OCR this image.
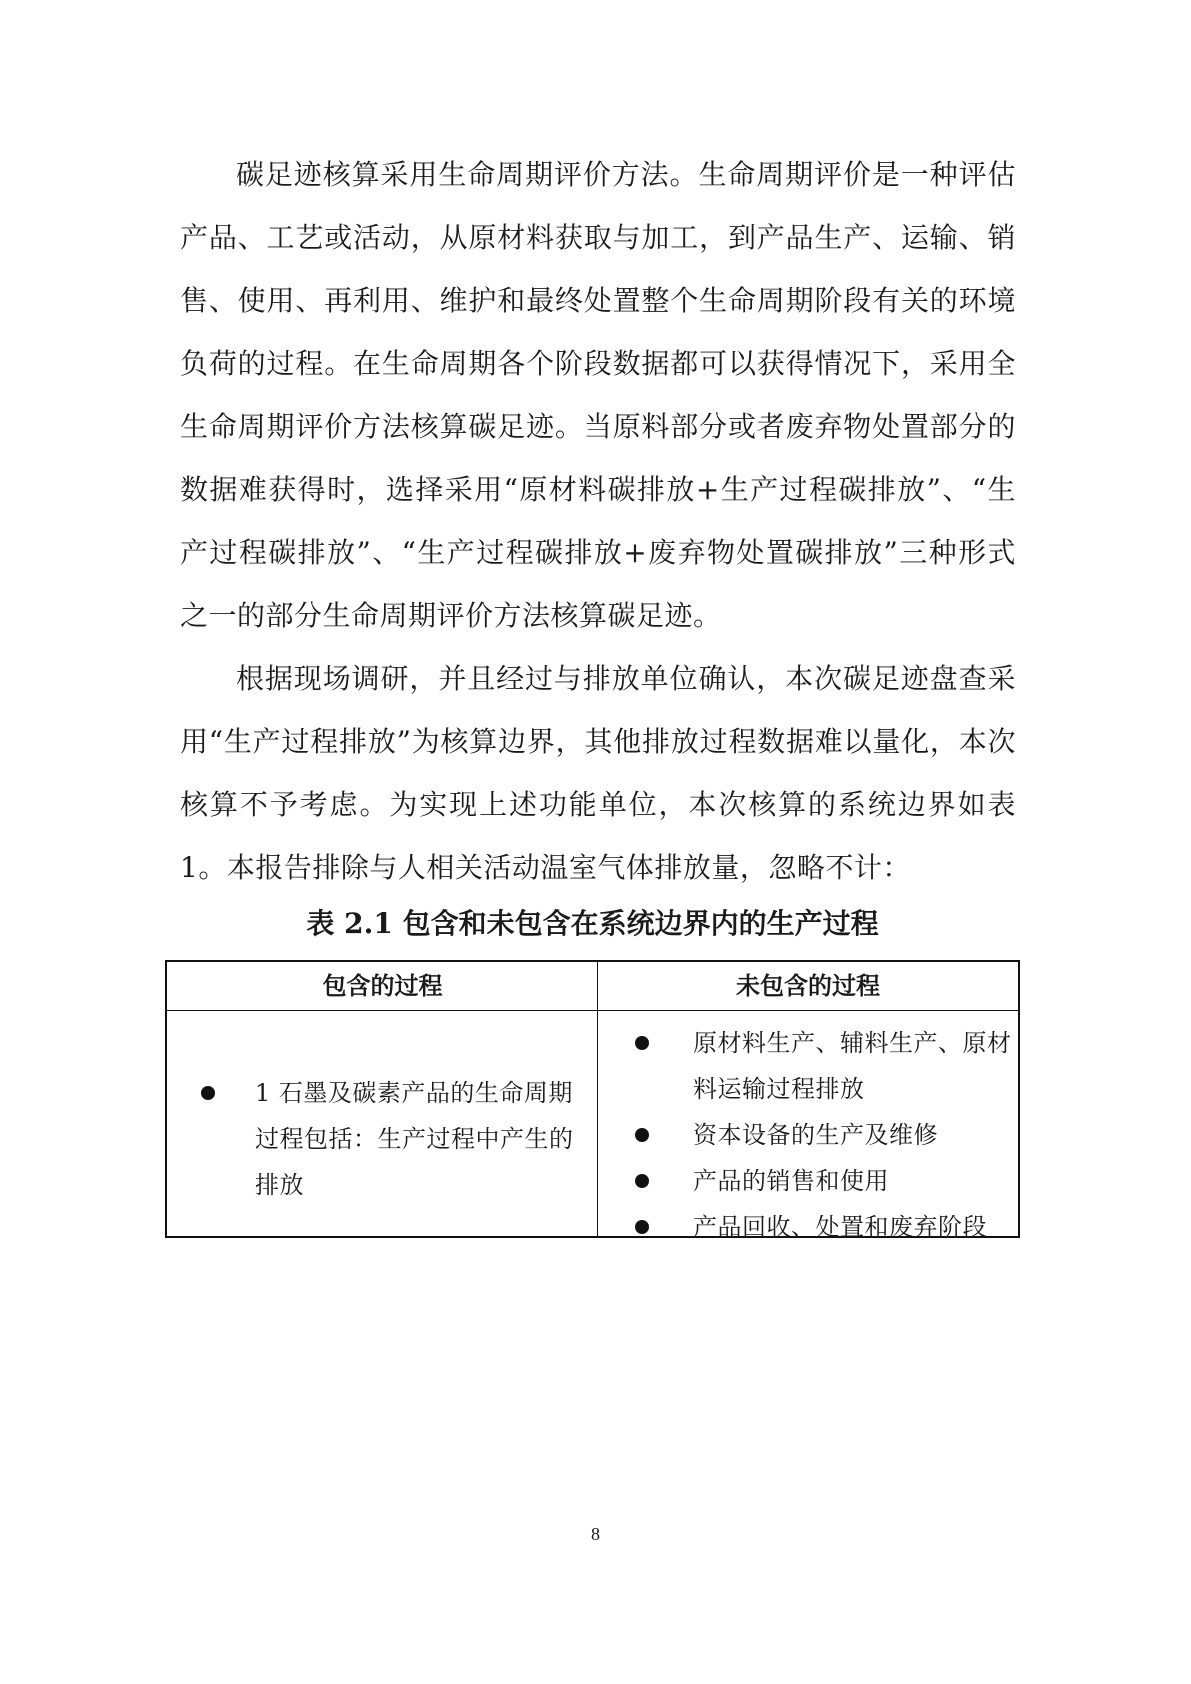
碳足迹核算采用生命周期评价方法。生命周期评价是一种评估产品、工艺或活动，从原材料获取与加工，到产品生产、运输、销售、使用、再利用、维护和最终处置整个生命周期阶段有关的环境负荷的过程。在生命周期各个阶段数据都可以获得情况下，采用全生命周期评价方法核算碳足迹。当原料部分或者废弃物处置部分的数据难获得时，选择采用“原材料碳排放+生产过程碳排放”、“生产过程碳排放”、“生产过程碳排放+废弃物处置碳排放”三种形式之一的部分生命周期评价方法核算碳足迹。

根据现场调研，并且经过与排放单位确认，本次碳足迹盘查采用“生产过程排放”为核算边界，其他排放过程数据难以量化，本次核算不予考虑。为实现上述功能单位，本次核算的系统边界如表 1。本报告排除与人相关活动温室气体排放量，忽略不计：

表 2.1 包含和未包含在系统边界内的生产过程

包含的过程	未包含的过程
1 石墨及碳素产品的生命周期过程包括：生产过程中产生的排放
原材料生产、辅料生产、原材料运输过程排放
资本设备的生产及维修
产品的销售和使用
产品回收、处置和废弃阶段
8
